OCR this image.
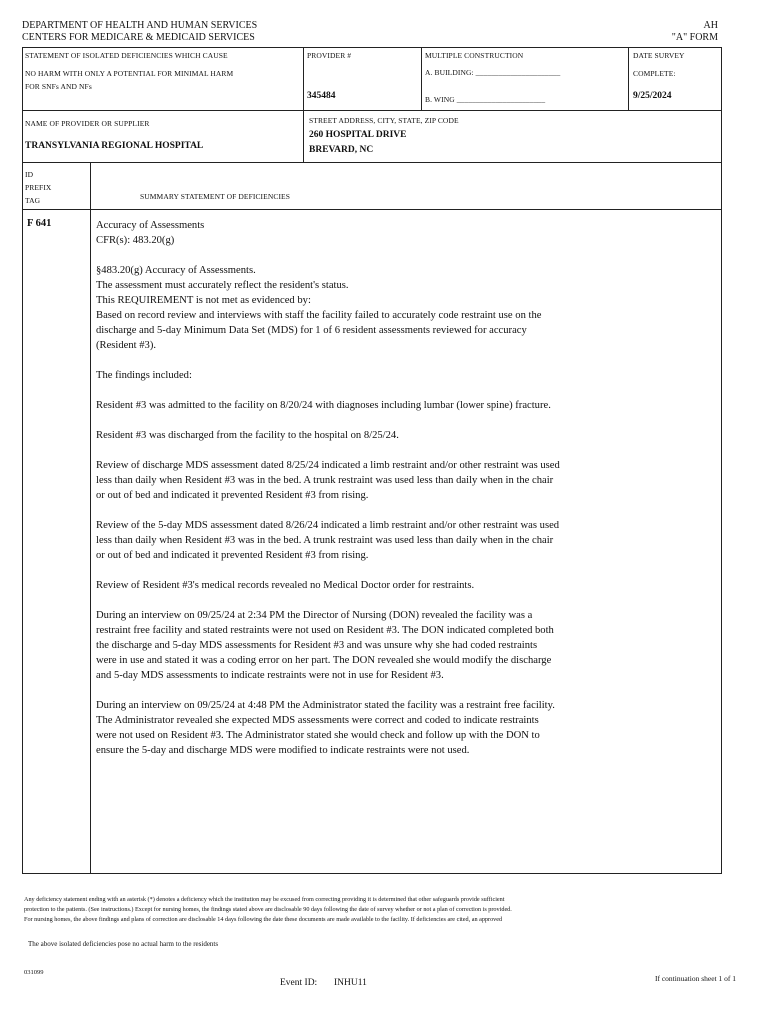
DEPARTMENT OF HEALTH AND HUMAN SERVICES
CENTERS FOR MEDICARE & MEDICAID SERVICES
AH
"A" FORM
STATEMENT OF ISOLATED DEFICIENCIES WHICH CAUSE
NO HARM WITH ONLY A POTENTIAL FOR MINIMAL HARM
FOR SNFs AND NFs
PROVIDER #
345484
MULTIPLE CONSTRUCTION
A. BUILDING: ______________________
B. WING _______________________
DATE SURVEY
COMPLETE:
9/25/2024
NAME OF PROVIDER OR SUPPLIER
TRANSYLVANIA REGIONAL HOSPITAL
STREET ADDRESS, CITY, STATE, ZIP CODE
260 HOSPITAL DRIVE
BREVARD, NC
ID
PREFIX
TAG	SUMMARY STATEMENT OF DEFICIENCIES
F 641	Accuracy of Assessments
CFR(s): 483.20(g)

§483.20(g) Accuracy of Assessments.
The assessment must accurately reflect the resident's status.
This REQUIREMENT is not met as evidenced by:
Based on record review and interviews with staff the facility failed to accurately code restraint use on the
discharge and 5-day Minimum Data Set (MDS) for 1 of 6 resident assessments reviewed for accuracy
(Resident #3).

The findings included:

Resident #3 was admitted to the facility on 8/20/24 with diagnoses including lumbar (lower spine) fracture.

Resident #3 was discharged from the facility to the hospital on 8/25/24.

Review of discharge MDS assessment dated 8/25/24 indicated a limb restraint and/or other restraint was used
less than daily when Resident #3 was in the bed. A trunk restraint was used less than daily when in the chair
or out of bed and indicated it prevented Resident #3 from rising.

Review of the 5-day MDS assessment dated 8/26/24 indicated a limb restraint and/or other restraint was used
less than daily when Resident #3 was in the bed. A trunk restraint was used less than daily when in the chair
or out of bed and indicated it prevented Resident #3 from rising.

Review of Resident #3's medical records revealed no Medical Doctor order for restraints.

During an interview on 09/25/24 at 2:34 PM the Director of Nursing (DON) revealed the facility was a
restraint free facility and stated restraints were not used on Resident #3. The DON indicated completed both
the discharge and 5-day MDS assessments for Resident #3 and was unsure why she had coded restraints
were in use and stated it was a coding error on her part. The DON revealed she would modify the discharge
and 5-day MDS assessments to indicate restraints were not in use for Resident #3.

During an interview on 09/25/24 at 4:48 PM the Administrator stated the facility was a restraint free facility.
The Administrator revealed she expected MDS assessments were correct and coded to indicate restraints
were not used on Resident #3. The Administrator stated she would check and follow up with the DON to
ensure the 5-day and discharge MDS were modified to indicate restraints were not used.

Any deficiency statement ending with an asterisk (*) denotes a deficiency which the institution may be excused from correcting providing it is determined that other safeguards provide sufficient
protection to the patients. (See instructions.) Except for nursing homes, the findings stated above are disclosable 90 days following the date of survey whether or not a plan of correction is provided.
For nursing homes, the above findings and plans of correction are disclosable 14 days following the date these documents are made available to the facility. If deficiencies are cited, an approved
The above isolated deficiencies pose no actual harm to the residents
031099
Event ID: INHU11	If continuation sheet 1 of 1
